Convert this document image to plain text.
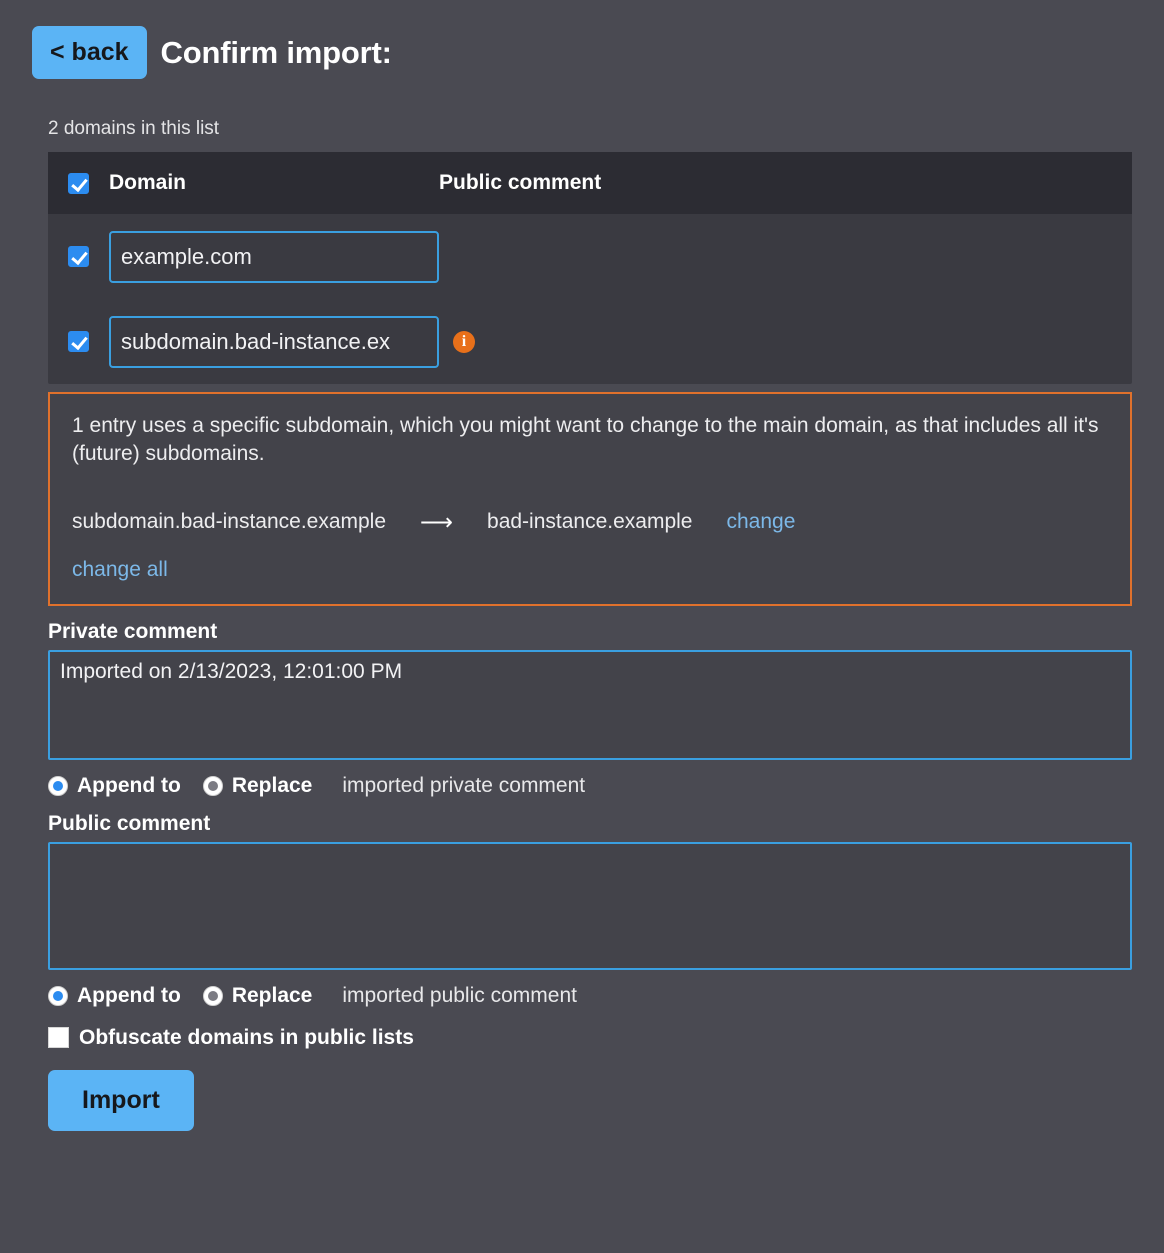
< back	Confirm import:
2 domains in this list
Domain	Public comment
example.com
subdomain.bad-instance.ex
i
1 entry uses a specific subdomain, which you might want to change to the main domain, as that includes all it's (future) subdomains.
subdomain.bad-instance.example ⟶ bad-instance.example change
change all
Private comment
Imported on 2/13/2023, 12:01:00 PM
Append to Replace imported private comment
Public comment
Append to Replace imported public comment
Obfuscate domains in public lists
Import
